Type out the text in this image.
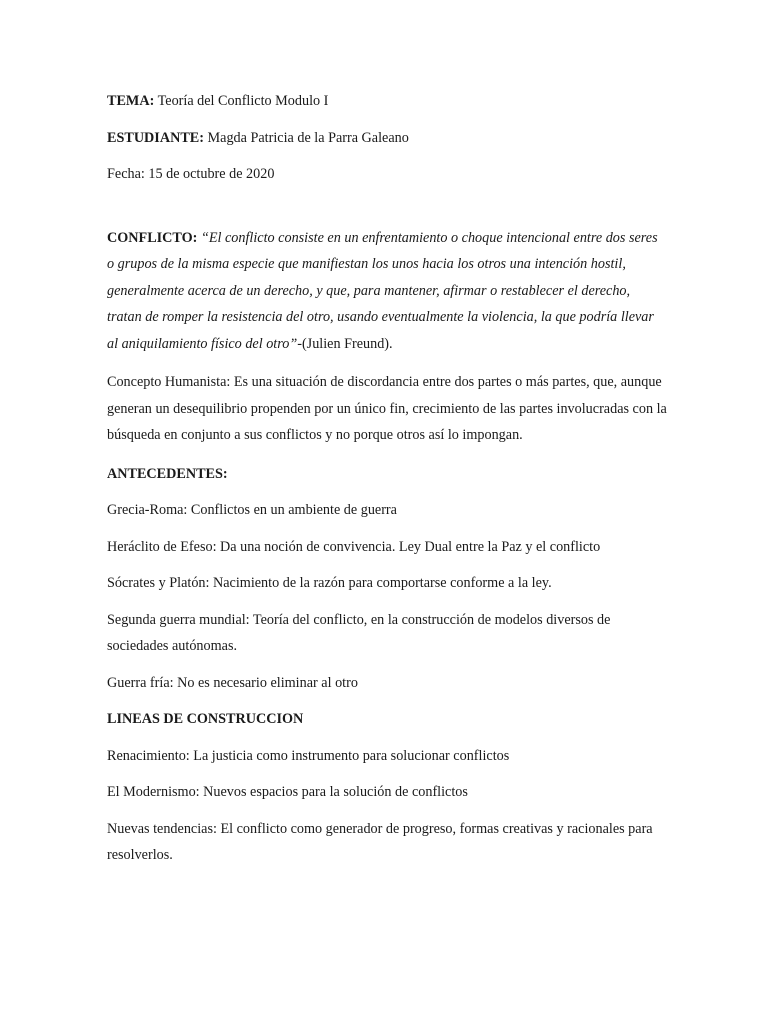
TEMA: Teoría del Conflicto Modulo I

ESTUDIANTE: Magda Patricia de la Parra Galeano

Fecha: 15 de octubre de 2020

CONFLICTO: “El conflicto consiste en un enfrentamiento o choque intencional entre dos seres o grupos de la misma especie que manifiestan los unos hacia los otros una intención hostil, generalmente acerca de un derecho, y que, para mantener, afirmar o restablecer el derecho, tratan de romper la resistencia del otro, usando eventualmente la violencia, la que podría llevar al aniquilamiento físico del otro”-(Julien Freund).

Concepto Humanista: Es una situación de discordancia entre dos partes o más partes, que, aunque generan un desequilibrio propenden por un único fin, crecimiento de las partes involucradas con la búsqueda en conjunto a sus conflictos y no porque otros así lo impongan.

ANTECEDENTES:

Grecia-Roma: Conflictos en un ambiente de guerra

Heráclito de Efeso: Da una noción de convivencia. Ley Dual entre la Paz y el conflicto

Sócrates y Platón: Nacimiento de la razón para comportarse conforme a la ley.

Segunda guerra mundial: Teoría del conflicto, en la construcción de modelos diversos de sociedades autónomas.

Guerra fría: No es necesario eliminar al otro

LINEAS DE CONSTRUCCION

Renacimiento: La justicia como instrumento para solucionar conflictos

El Modernismo: Nuevos espacios para la solución de conflictos

Nuevas tendencias: El conflicto como generador de progreso, formas creativas y racionales para resolverlos.
